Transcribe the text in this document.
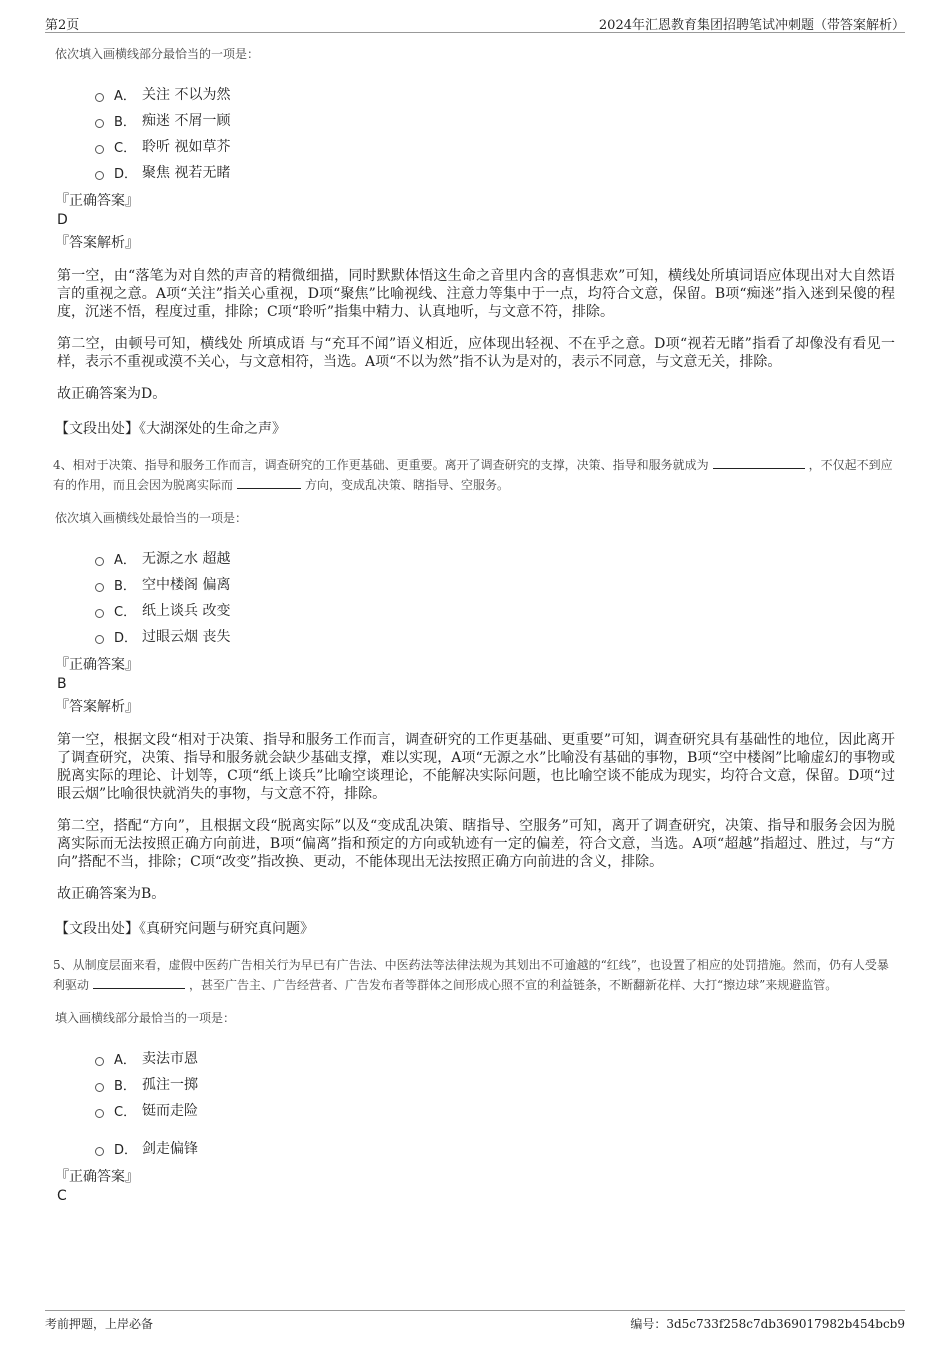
第2页	2024年汇恩教育集团招聘笔试冲刺题（带答案解析）
依次填入画横线部分最恰当的一项是：
A． 关注 不以为然
B． 痴迷 不屑一顾
C． 聆听 视如草芥
D． 聚焦 视若无睹
『正确答案』
D
『答案解析』
第一空，由“落笔为对自然的声音的精微细描，同时默默体悟这生命之音里内含的喜惧悲欢”可知，横线处所填词语应体现出对大自然语言的重视之意。A项“关注”指关心重视，D项“聚焦”比喻视线、注意力等集中于一点，均符合文意，保留。B项“痴迷”指入迷到呆傻的程度，沉迷不悟，程度过重，排除；C项“聆听”指集中精力、认真地听，与文意不符，排除。
第二空，由顿号可知，横线处 所填成语 与“充耳不闻”语义相近，应体现出轻视、不在乎之意。D项“视若无睹”指看了却像没有看见一样，表示不重视或漠不关心，与文意相符，当选。A项“不以为然”指不认为是对的，表示不同意，与文意无关，排除。
故正确答案为D。
【文段出处】《大湖深处的生命之声》
4、相对于决策、指导和服务工作而言，调查研究的工作更基础、更重要。离开了调查研究的支撑，决策、指导和服务就成为	，不仅起不到应有的作用，而且会因为脱离实际而	方向，变成乱决策、瞎指导、空服务。
依次填入画横线处最恰当的一项是：
A． 无源之水 超越
B． 空中楼阁 偏离
C． 纸上谈兵 改变
D． 过眼云烟 丧失
『正确答案』
B
『答案解析』
第一空，根据文段“相对于决策、指导和服务工作而言，调查研究的工作更基础、更重要”可知，调查研究具有基础性的地位，因此离开了调查研究，决策、指导和服务就会缺少基础支撑，难以实现，A项“无源之水”比喻没有基础的事物，B项“空中楼阁”比喻虚幻的事物或脱离实际的理论、计划等，C项“纸上谈兵”比喻空谈理论，不能解决实际问题，也比喻空谈不能成为现实，均符合文意，保留。D项“过眼云烟”比喻很快就消失的事物，与文意不符，排除。
第二空，搭配“方向”，且根据文段“脱离实际”以及“变成乱决策、瞎指导、空服务”可知，离开了调查研究，决策、指导和服务会因为脱离实际而无法按照正确方向前进，B项“偏离”指和预定的方向或轨迹有一定的偏差，符合文意，当选。A项“超越”指超过、胜过，与“方向”搭配不当，排除；C项“改变”指改换、更动，不能体现出无法按照正确方向前进的含义，排除。
故正确答案为B。
【文段出处】《真研究问题与研究真问题》
5、从制度层面来看，虚假中医药广告相关行为早已有广告法、中医药法等法律法规为其划出不可逾越的“红线”，也设置了相应的处罚措施。然而，仍有人受暴利驱动	，甚至广告主、广告经营者、广告发布者等群体之间形成心照不宣的利益链条，不断翻新花样、大打“擦边球”来规避监管。
填入画横线部分最恰当的一项是：
A． 卖法市恩
B． 孤注一掷
C． 铤而走险
D． 剑走偏锋
『正确答案』
C
考前押题，上岸必备	编号：3d5c733f258c7db369017982b454bcb9
